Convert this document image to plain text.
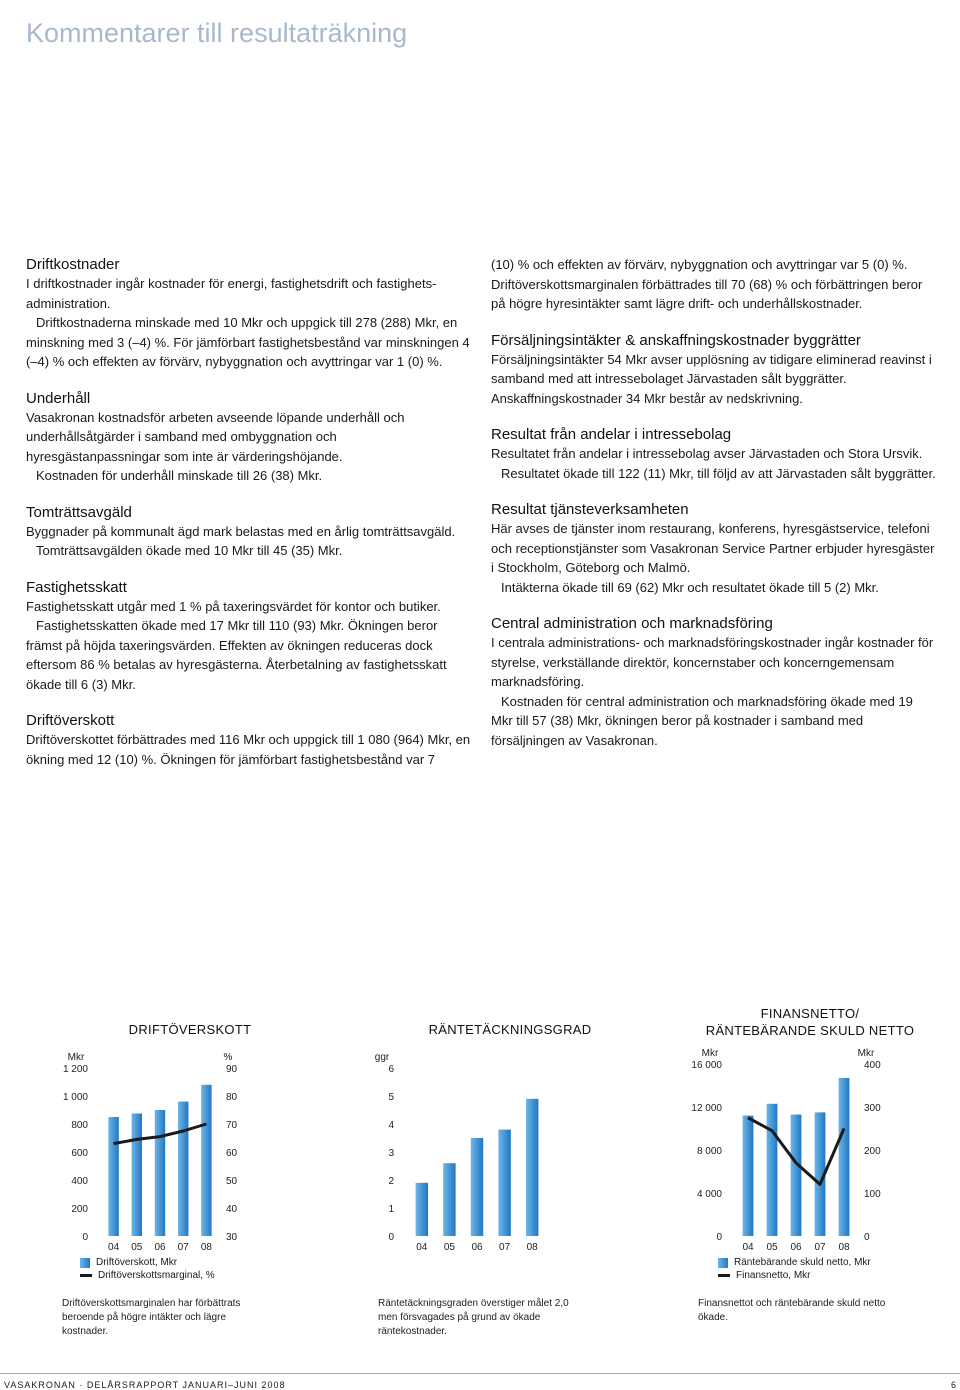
Kommentarer till resultaträkning
Driftkostnader

I driftkostnader ingår kostnader för energi, fastighetsdrift och fastighets-administration.

Driftkostnaderna minskade med 10 Mkr och uppgick till 278 (288) Mkr, en minskning med 3 (–4) %. För jämförbart fastighetsbestånd var minskningen 4 (–4) % och effekten av förvärv, nybyggnation och avyttringar var 1 (0) %.

Underhåll

Vasakronan kostnadsför arbeten avseende löpande underhåll och underhållsåtgärder i samband med ombyggnation och hyresgästanpassningar som inte är värderingshöjande.

Kostnaden för underhåll minskade till 26 (38) Mkr.

Tomträttsavgäld

Byggnader på kommunalt ägd mark belastas med en årlig tomträttsavgäld.

Tomträttsavgälden ökade med 10 Mkr till 45 (35) Mkr.

Fastighetsskatt

Fastighetsskatt utgår med 1 % på taxeringsvärdet för kontor och butiker.

Fastighetsskatten ökade med 17 Mkr till 110 (93) Mkr. Ökningen beror främst på höjda taxeringsvärden. Effekten av ökningen reduceras dock eftersom 86 % betalas av hyresgästerna. Återbetalning av fastighetsskatt ökade till 6 (3) Mkr.

Driftöverskott

Driftöverskottet förbättrades med 116 Mkr och uppgick till 1 080 (964) Mkr, en ökning med 12 (10) %. Ökningen för jämförbart fastighetsbestånd var 7

(10) % och effekten av förvärv, nybyggnation och avyttringar var 5 (0) %.

Driftöverskottsmarginalen förbättrades till 70 (68) % och förbättringen beror på högre hyresintäkter samt lägre drift- och underhållskostnader.

Försäljningsintäkter & anskaffningskostnader byggrätter

Försäljningsintäkter 54 Mkr avser upplösning av tidigare eliminerad reavinst i samband med att intressebolaget Järvastaden sålt byggrätter. Anskaffningskostnader 34 Mkr består av nedskrivning.

Resultat från andelar i intressebolag

Resultatet från andelar i intressebolag avser Järvastaden och Stora Ursvik.

Resultatet ökade till 122 (11) Mkr, till följd av att Järvastaden sålt byggrätter.

Resultat tjänsteverksamheten

Här avses de tjänster inom restaurang, konferens, hyresgästservice, telefoni och receptionstjänster som Vasakronan Service Partner erbjuder hyresgäster i Stockholm, Göteborg och Malmö.

Intäkterna ökade till 69 (62) Mkr och resultatet ökade till 5 (2) Mkr.

Central administration och marknadsföring

I centrala administrations- och marknadsföringskostnader ingår kostnader för styrelse, verkställande direktör, koncernstaber och koncerngemensam marknadsföring.

Kostnaden för central administration och marknadsföring ökade med 19 Mkr till 57 (38) Mkr, ökningen beror på kostnader i samband med försäljningen av Vasakronan.

DRIFTÖVERSKOTT
0
200
400
600
800
1 000
1 200
Mkr
30
40
50
60
70
80
90
%
04 05 06 07 08
Driftöverskott, Mkr
Driftöverskottsmarginal, %
RÄNTETÄCKNINGSGRAD
0
1
2
3
4
5
6
ggr
04 05 06 07 08
FINANSNETTO/
RÄNTEBÄRANDE SKULD NETTO
0
4 000
8 000
12 000
16 000
Mkr
0
100
200
300
400
Mkr
04 05 06 07 08
Räntebärande skuld netto, Mkr
Finansnetto, Mkr
Driftöverskottsmarginalen har förbättrats beroende på högre intäkter och lägre kostnader.
Räntetäckningsgraden överstiger målet 2,0 men försvagades på grund av ökade räntekostnader.
Finansnettot och räntebärande skuld netto ökade.
VASAKRONAN · DELÅRSRAPPORT JANUARI–JUNI 2008	6
